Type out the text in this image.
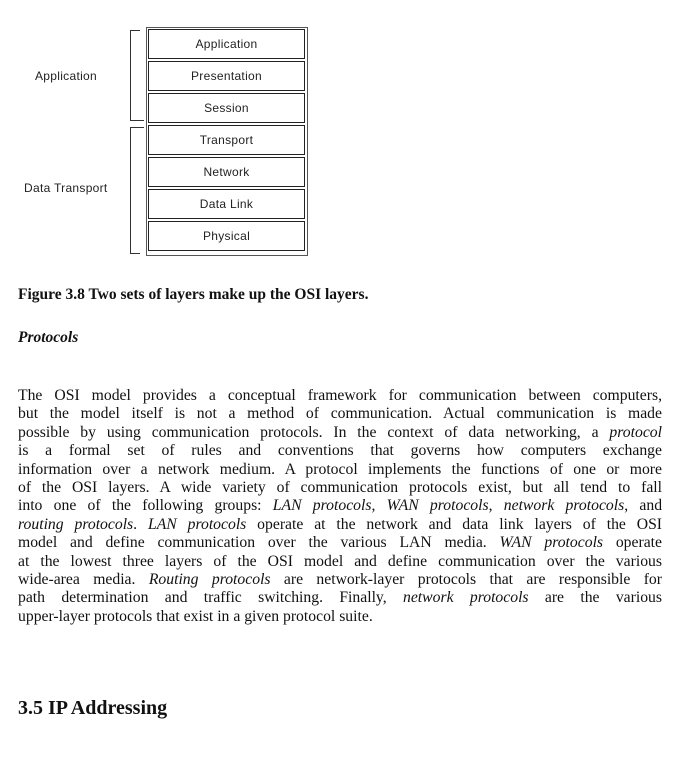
Application
Presentation
Session
Transport
Network
Data Link
Physical
Application
Data Transport

Figure 3.8 Two sets of layers make up the OSI layers.

Protocols

The OSI model provides a conceptual framework for communication between computers,
but the model itself is not a method of communication. Actual communication is made
possible by using communication protocols. In the context of data networking, a protocol
is a formal set of rules and conventions that governs how computers exchange
information over a network medium. A protocol implements the functions of one or more
of the OSI layers. A wide variety of communication protocols exist, but all tend to fall
into one of the following groups: LAN protocols, WAN protocols, network protocols, and
routing protocols. LAN protocols operate at the network and data link layers of the OSI
model and define communication over the various LAN media. WAN protocols operate
at the lowest three layers of the OSI model and define communication over the various
wide-area media. Routing protocols are network-layer protocols that are responsible for
path determination and traffic switching. Finally, network protocols are the various
upper-layer protocols that exist in a given protocol suite.
3.5 IP Addressing
